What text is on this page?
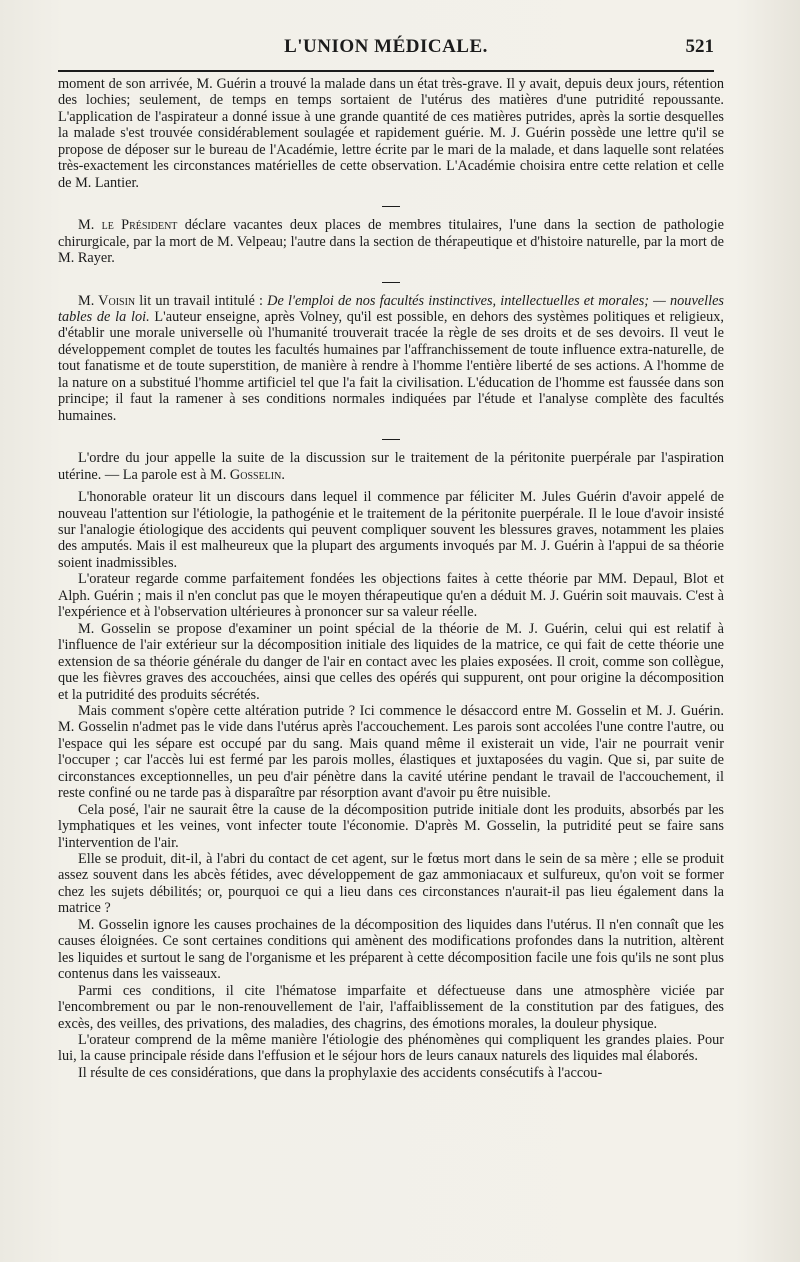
L'UNION MÉDICALE.	521

moment de son arrivée, M. Guérin a trouvé la malade dans un état très-grave. Il y avait, depuis deux jours, rétention des lochies; seulement, de temps en temps sortaient de l'utérus des matières d'une putridité repoussante. L'application de l'aspirateur a donné issue à une grande quantité de ces matières putrides, après la sortie desquelles la malade s'est trouvée considérablement soulagée et rapidement guérie. M. J. Guérin possède une lettre qu'il se propose de déposer sur le bureau de l'Académie, lettre écrite par le mari de la malade, et dans laquelle sont relatées très-exactement les circonstances matérielles de cette observation. L'Académie choisira entre cette relation et celle de M. Lantier.

M. le Président déclare vacantes deux places de membres titulaires, l'une dans la section de pathologie chirurgicale, par la mort de M. Velpeau; l'autre dans la section de thérapeutique et d'histoire naturelle, par la mort de M. Rayer.

M. Voisin lit un travail intitulé : De l'emploi de nos facultés instinctives, intellectuelles et morales; — nouvelles tables de la loi. L'auteur enseigne, après Volney, qu'il est possible, en dehors des systèmes politiques et religieux, d'établir une morale universelle où l'humanité trouverait tracée la règle de ses droits et de ses devoirs. Il veut le développement complet de toutes les facultés humaines par l'affranchissement de toute influence extra-naturelle, de tout fanatisme et de toute superstition, de manière à rendre à l'homme l'entière liberté de ses actions. A l'homme de la nature on a substitué l'homme artificiel tel que l'a fait la civilisation. L'éducation de l'homme est faussée dans son principe; il faut la ramener à ses conditions normales indiquées par l'étude et l'analyse complète des facultés humaines.

L'ordre du jour appelle la suite de la discussion sur le traitement de la péritonite puerpérale par l'aspiration utérine. — La parole est à M. Gosselin.

L'honorable orateur lit un discours dans lequel il commence par féliciter M. Jules Guérin d'avoir appelé de nouveau l'attention sur l'étiologie, la pathogénie et le traitement de la péritonite puerpérale. Il le loue d'avoir insisté sur l'analogie étiologique des accidents qui peuvent compliquer souvent les blessures graves, notamment les plaies des amputés. Mais il est malheureux que la plupart des arguments invoqués par M. J. Guérin à l'appui de sa théorie soient inadmissibles.

L'orateur regarde comme parfaitement fondées les objections faites à cette théorie par MM. Depaul, Blot et Alph. Guérin ; mais il n'en conclut pas que le moyen thérapeutique qu'en a déduit M. J. Guérin soit mauvais. C'est à l'expérience et à l'observation ultérieures à prononcer sur sa valeur réelle.

M. Gosselin se propose d'examiner un point spécial de la théorie de M. J. Guérin, celui qui est relatif à l'influence de l'air extérieur sur la décomposition initiale des liquides de la matrice, ce qui fait de cette théorie une extension de sa théorie générale du danger de l'air en contact avec les plaies exposées. Il croit, comme son collègue, que les fièvres graves des accouchées, ainsi que celles des opérés qui suppurent, ont pour origine la décomposition et la putridité des produits sécrétés.

Mais comment s'opère cette altération putride ? Ici commence le désaccord entre M. Gosselin et M. J. Guérin. M. Gosselin n'admet pas le vide dans l'utérus après l'accouchement. Les parois sont accolées l'une contre l'autre, ou l'espace qui les sépare est occupé par du sang. Mais quand même il existerait un vide, l'air ne pourrait venir l'occuper ; car l'accès lui est fermé par les parois molles, élastiques et juxtaposées du vagin. Que si, par suite de circonstances exceptionnelles, un peu d'air pénètre dans la cavité utérine pendant le travail de l'accouchement, il reste confiné ou ne tarde pas à disparaître par résorption avant d'avoir pu être nuisible.

Cela posé, l'air ne saurait être la cause de la décomposition putride initiale dont les produits, absorbés par les lymphatiques et les veines, vont infecter toute l'économie. D'après M. Gosselin, la putridité peut se faire sans l'intervention de l'air.

Elle se produit, dit-il, à l'abri du contact de cet agent, sur le fœtus mort dans le sein de sa mère ; elle se produit assez souvent dans les abcès fétides, avec développement de gaz ammoniacaux et sulfureux, qu'on voit se former chez les sujets débilités; or, pourquoi ce qui a lieu dans ces circonstances n'aurait-il pas lieu également dans la matrice ?

M. Gosselin ignore les causes prochaines de la décomposition des liquides dans l'utérus. Il n'en connaît que les causes éloignées. Ce sont certaines conditions qui amènent des modifications profondes dans la nutrition, altèrent les liquides et surtout le sang de l'organisme et les préparent à cette décomposition facile une fois qu'ils ne sont plus contenus dans les vaisseaux.

Parmi ces conditions, il cite l'hématose imparfaite et défectueuse dans une atmosphère viciée par l'encombrement ou par le non-renouvellement de l'air, l'affaiblissement de la constitution par des fatigues, des excès, des veilles, des privations, des maladies, des chagrins, des émotions morales, la douleur physique.

L'orateur comprend de la même manière l'étiologie des phénomènes qui compliquent les grandes plaies. Pour lui, la cause principale réside dans l'effusion et le séjour hors de leurs canaux naturels des liquides mal élaborés.

Il résulte de ces considérations, que dans la prophylaxie des accidents consécutifs à l'accou-
